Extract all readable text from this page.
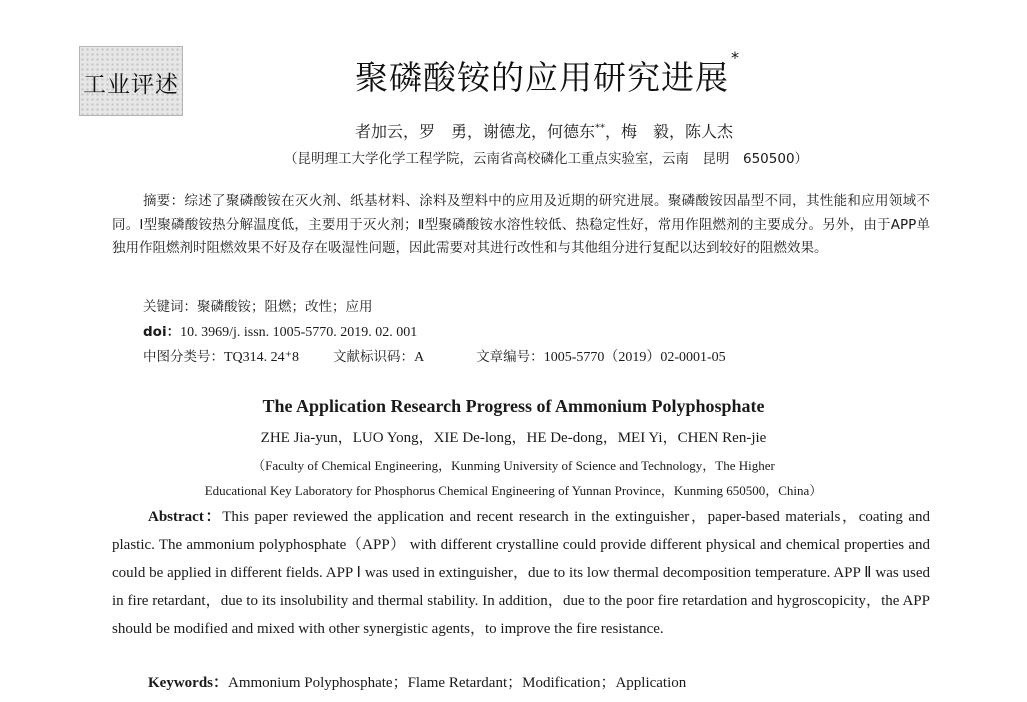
工业评述	聚磷酸铵的应用研究进展*
者加云，罗　勇，谢德龙，何德东**，梅　毅，陈人杰
（昆明理工大学化学工程学院，云南省高校磷化工重点实验室，云南　昆明　650500）
摘要：综述了聚磷酸铵在灭火剂、纸基材料、涂料及塑料中的应用及近期的研究进展。聚磷酸铵因晶型不同，其性能和应用领域不同。Ⅰ型聚磷酸铵热分解温度低，主要用于灭火剂；Ⅱ型聚磷酸铵水溶性较低、热稳定性好，常用作阻燃剂的主要成分。另外，由于APP单独用作阻燃剂时阻燃效果不好及存在吸湿性问题，因此需要对其进行改性和与其他组分进行复配以达到较好的阻燃效果。
关键词：聚磷酸铵；阻燃；改性；应用
doi：10. 3969/j. issn. 1005-5770. 2019. 02. 001
中图分类号：TQ314. 24⁺8	文献标识码：A	文章编号：1005-5770（2019）02-0001-05
The Application Research Progress of Ammonium Polyphosphate
ZHE Jia-yun，LUO Yong，XIE De-long，HE De-dong，MEI Yi，CHEN Ren-jie
（Faculty of Chemical Engineering，Kunming University of Science and Technology，The Higher
Educational Key Laboratory for Phosphorus Chemical Engineering of Yunnan Province，Kunming 650500，China）
Abstract：This paper reviewed the application and recent research in the extinguisher，paper-based materials，coating and plastic. The ammonium polyphosphate（APP） with different crystalline could provide different physical and chemical properties and could be applied in different fields. APP Ⅰ was used in extinguisher，due to its low thermal decomposition temperature. APP Ⅱ was used in fire retardant，due to its insolubility and thermal stability. In addition，due to the poor fire retardation and hygroscopicity，the APP should be modified and mixed with other synergistic agents，to improve the fire resistance.
Keywords：Ammonium Polyphosphate；Flame Retardant；Modification；Application
